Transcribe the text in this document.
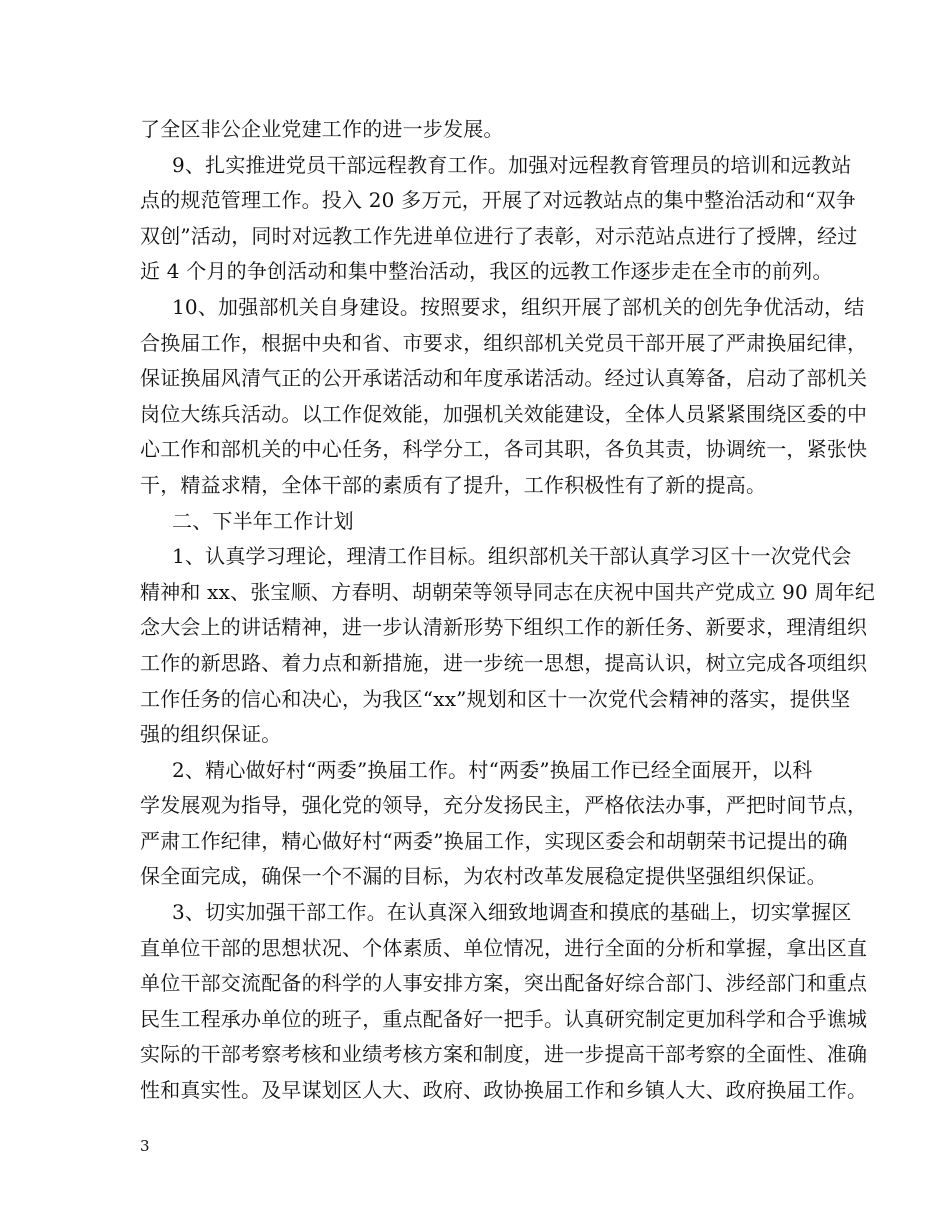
了全区非公企业党建工作的进一步发展。
9、扎实推进党员干部远程教育工作。加强对远程教育管理员的培训和远教站
点的规范管理工作。投入 20 多万元，开展了对远教站点的集中整治活动和“双争
双创”活动，同时对远教工作先进单位进行了表彰，对示范站点进行了授牌，经过
近 4 个月的争创活动和集中整治活动，我区的远教工作逐步走在全市的前列。
10、加强部机关自身建设。按照要求，组织开展了部机关的创先争优活动，结
合换届工作，根据中央和省、市要求，组织部机关党员干部开展了严肃换届纪律，
保证换届风清气正的公开承诺活动和年度承诺活动。经过认真筹备，启动了部机关
岗位大练兵活动。以工作促效能，加强机关效能建设，全体人员紧紧围绕区委的中
心工作和部机关的中心任务，科学分工，各司其职，各负其责，协调统一，紧张快
干，精益求精，全体干部的素质有了提升，工作积极性有了新的提高。
二、下半年工作计划
1、认真学习理论，理清工作目标。组织部机关干部认真学习区十一次党代会
精神和 xx、张宝顺、方春明、胡朝荣等领导同志在庆祝中国共产党成立 90 周年纪
念大会上的讲话精神，进一步认清新形势下组织工作的新任务、新要求，理清组织
工作的新思路、着力点和新措施，进一步统一思想，提高认识，树立完成各项组织
工作任务的信心和决心，为我区“xx”规划和区十一次党代会精神的落实，提供坚
强的组织保证。
2、精心做好村“两委”换届工作。村“两委”换届工作已经全面展开，以科
学发展观为指导，强化党的领导，充分发扬民主，严格依法办事，严把时间节点，
严肃工作纪律，精心做好村“两委”换届工作，实现区委会和胡朝荣书记提出的确
保全面完成，确保一个不漏的目标，为农村改革发展稳定提供坚强组织保证。
3、切实加强干部工作。在认真深入细致地调查和摸底的基础上，切实掌握区
直单位干部的思想状况、个体素质、单位情况，进行全面的分析和掌握，拿出区直
单位干部交流配备的科学的人事安排方案，突出配备好综合部门、涉经部门和重点
民生工程承办单位的班子，重点配备好一把手。认真研究制定更加科学和合乎谯城
实际的干部考察考核和业绩考核方案和制度，进一步提高干部考察的全面性、准确
性和真实性。及早谋划区人大、政府、政协换届工作和乡镇人大、政府换届工作。
3
